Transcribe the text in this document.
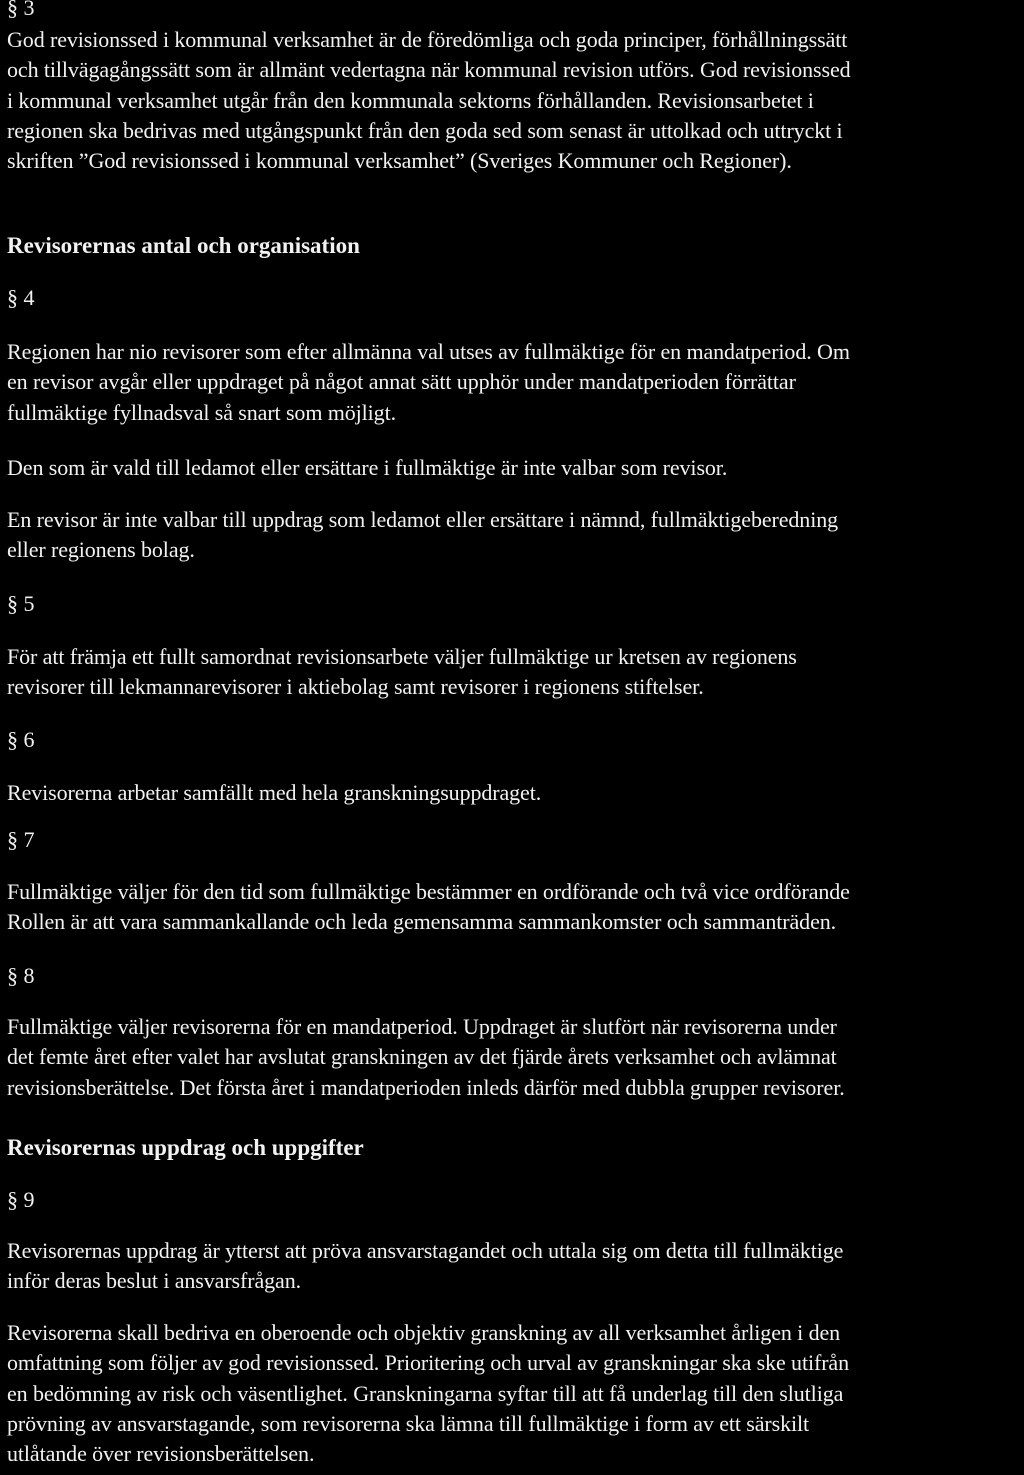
§ 3
God revisionssed i kommunal verksamhet är de föredömliga och goda principer, förhållningssätt
och tillvägagångssätt som är allmänt vedertagna när kommunal revision utförs. God revisionssed
i kommunal verksamhet utgår från den kommunala sektorns förhållanden. Revisionsarbetet i
regionen ska bedrivas med utgångspunkt från den goda sed som senast är uttolkad och uttryckt i
skriften ”God revisionssed i kommunal verksamhet” (Sveriges Kommuner och Regioner).
Revisorernas antal och organisation
§ 4
Regionen har nio revisorer som efter allmänna val utses av fullmäktige för en mandatperiod. Om
en revisor avgår eller uppdraget på något annat sätt upphör under mandatperioden förrättar
fullmäktige fyllnadsval så snart som möjligt.
Den som är vald till ledamot eller ersättare i fullmäktige är inte valbar som revisor.
En revisor är inte valbar till uppdrag som ledamot eller ersättare i nämnd, fullmäktigeberedning
eller regionens bolag.
§ 5
För att främja ett fullt samordnat revisionsarbete väljer fullmäktige ur kretsen av regionens
revisorer till lekmannarevisorer i aktiebolag samt revisorer i regionens stiftelser.
§ 6
Revisorerna arbetar samfällt med hela granskningsuppdraget.
§ 7
Fullmäktige väljer för den tid som fullmäktige bestämmer en ordförande och två vice ordförande
Rollen är att vara sammankallande och leda gemensamma sammankomster och sammanträden.
§ 8
Fullmäktige väljer revisorerna för en mandatperiod. Uppdraget är slutfört när revisorerna under
det femte året efter valet har avslutat granskningen av det fjärde årets verksamhet och avlämnat
revisionsberättelse. Det första året i mandatperioden inleds därför med dubbla grupper revisorer.
Revisorernas uppdrag och uppgifter
§ 9
Revisorernas uppdrag är ytterst att pröva ansvarstagandet och uttala sig om detta till fullmäktige
inför deras beslut i ansvarsfrågan.
Revisorerna skall bedriva en oberoende och objektiv granskning av all verksamhet årligen i den
omfattning som följer av god revisionssed. Prioritering och urval av granskningar ska ske utifrån
en bedömning av risk och väsentlighet. Granskningarna syftar till att få underlag till den slutliga
prövning av ansvarstagande, som revisorerna ska lämna till fullmäktige i form av ett särskilt
utlåtande över revisionsberättelsen.
